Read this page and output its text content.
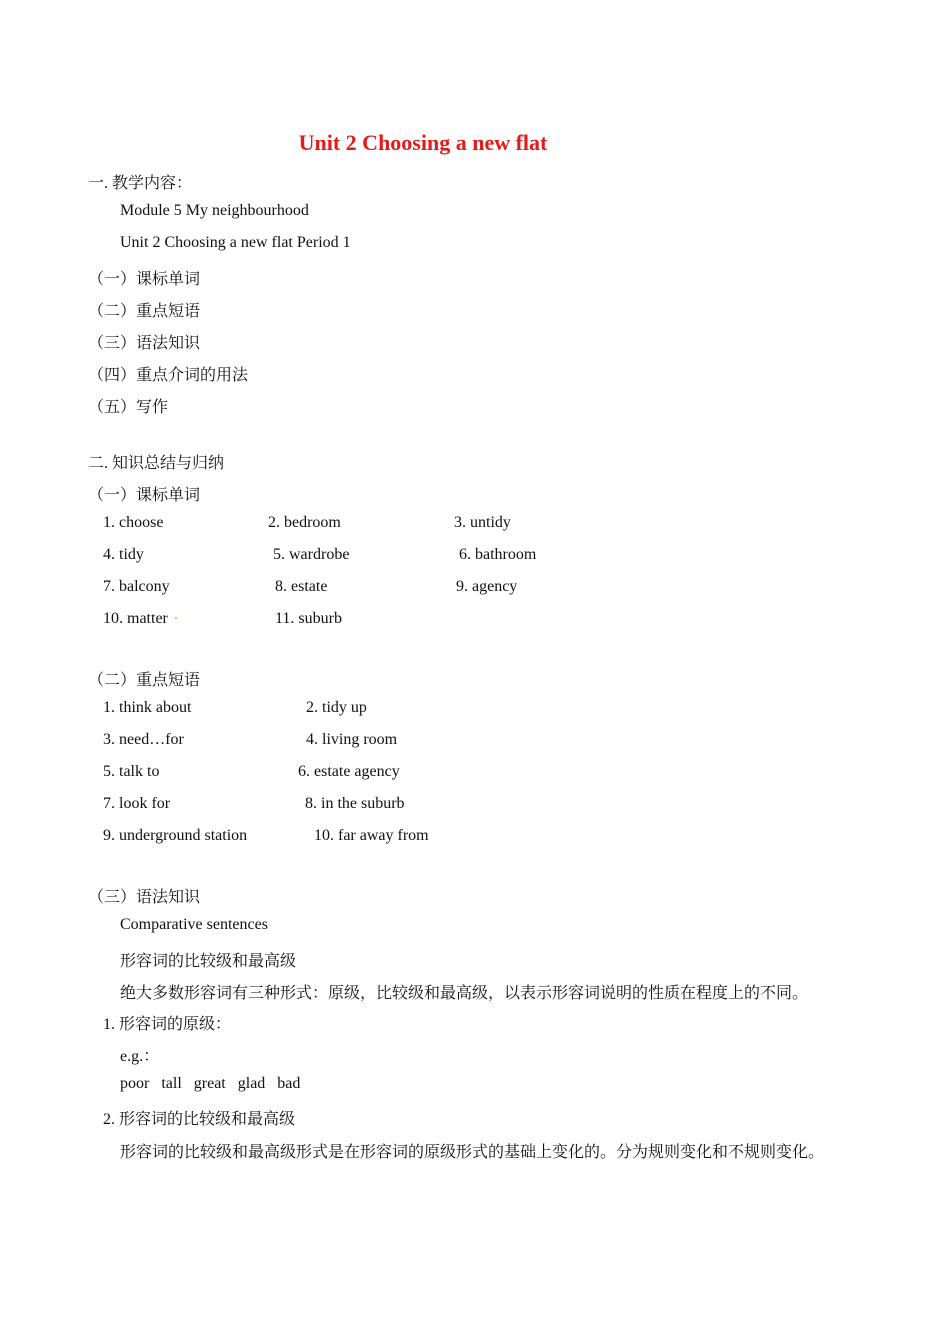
Unit 2 Choosing a new flat
一. 教学内容：
Module 5 My neighbourhood
Unit 2 Choosing a new flat Period 1
（一）课标单词
（二）重点短语
（三）语法知识
（四）重点介词的用法
（五）写作
二. 知识总结与归纳
（一）课标单词
1. choose	2. bedroom	3. untidy
4. tidy	5. wardrobe	6. bathroom
7. balcony	8. estate	9. agency
10. matter .	11. suburb
（二）重点短语
1. think about	2. tidy up
3. need…for	4. living room
5. talk to	6. estate agency
7. look for	8. in the suburb
9. underground station	10. far away from
（三）语法知识
Comparative sentences
形容词的比较级和最高级
绝大多数形容词有三种形式：原级，比较级和最高级，以表示形容词说明的性质在程度上的不同。
1. 形容词的原级：
e.g.：
poor   tall   great   glad   bad
2. 形容词的比较级和最高级
形容词的比较级和最高级形式是在形容词的原级形式的基础上变化的。分为规则变化和不规则变化。
